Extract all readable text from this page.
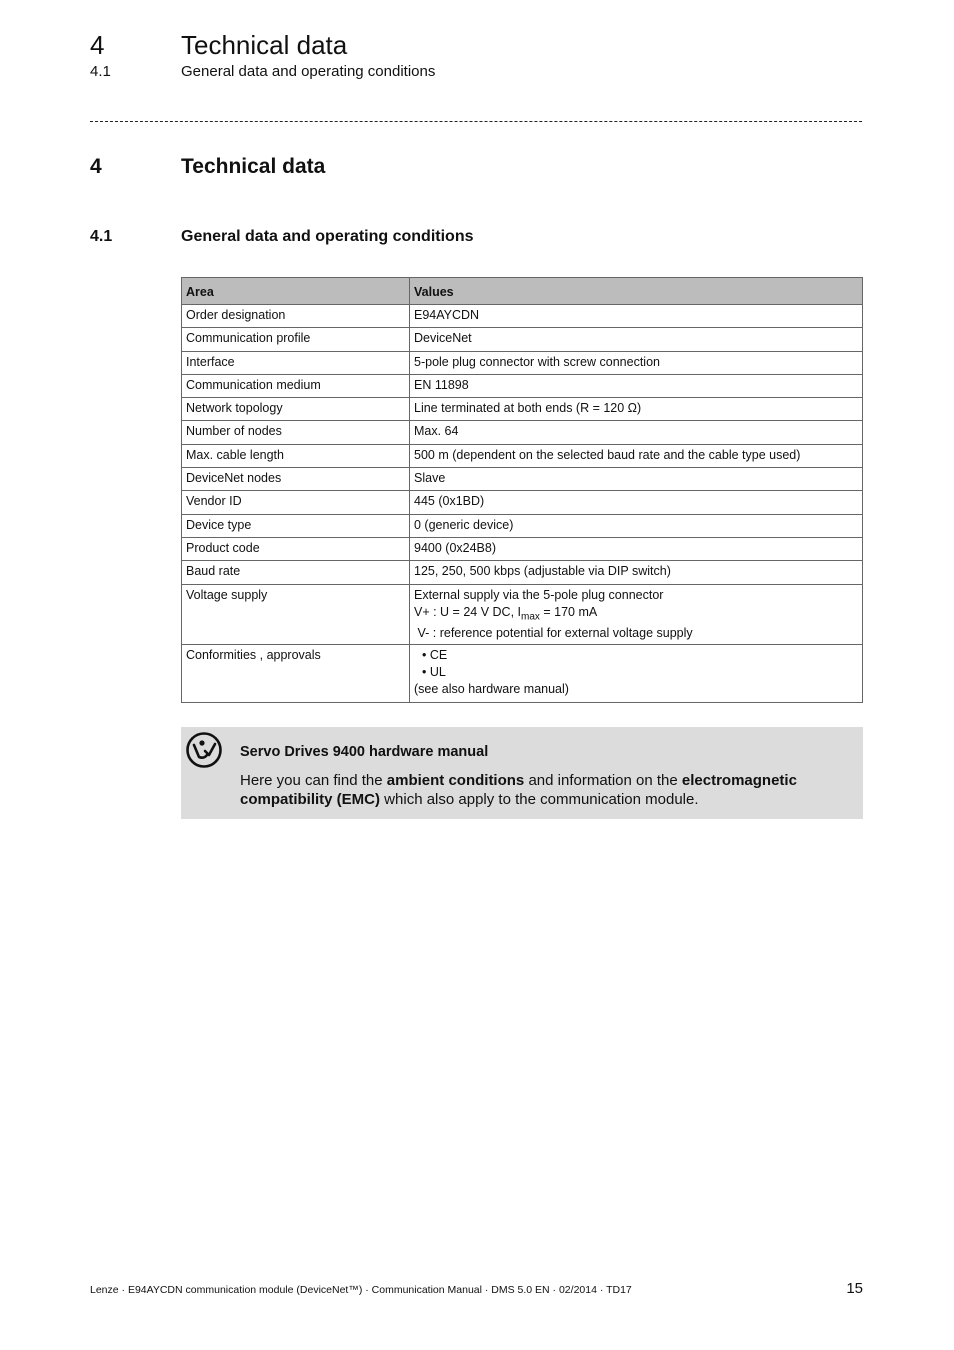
4	Technical data
4.1	General data and operating conditions
4	Technical data
4.1	General data and operating conditions
Area	Values
Order designation	E94AYCDN
Communication profile	DeviceNet
Interface	5-pole plug connector with screw connection
Communication medium	EN 11898
Network topology	Line terminated at both ends (R = 120 Ω)
Number of nodes	Max. 64
Max. cable length	500 m (dependent on the selected baud rate and the cable type used)
DeviceNet nodes	Slave
Vendor ID	445 (0x1BD)
Device type	0 (generic device)
Product code	9400 (0x24B8)
Baud rate	125, 250, 500 kbps (adjustable via DIP switch)
Voltage supply	External supply via the 5-pole plug connector
V+ : U = 24 V DC, $I_{max} = 170$ mA
V- : reference potential for external voltage supply

Conformities , approvals	• CE
• UL
(see also hardware manual)
Servo Drives 9400 hardware manual
Here you can find the ambient conditions and information on the electromagnetic compatibility (EMC) which also apply to the communication module.
Lenze · E94AYCDN communication module (DeviceNet™) · Communication Manual · DMS 5.0 EN · 02/2014 · TD17	15
